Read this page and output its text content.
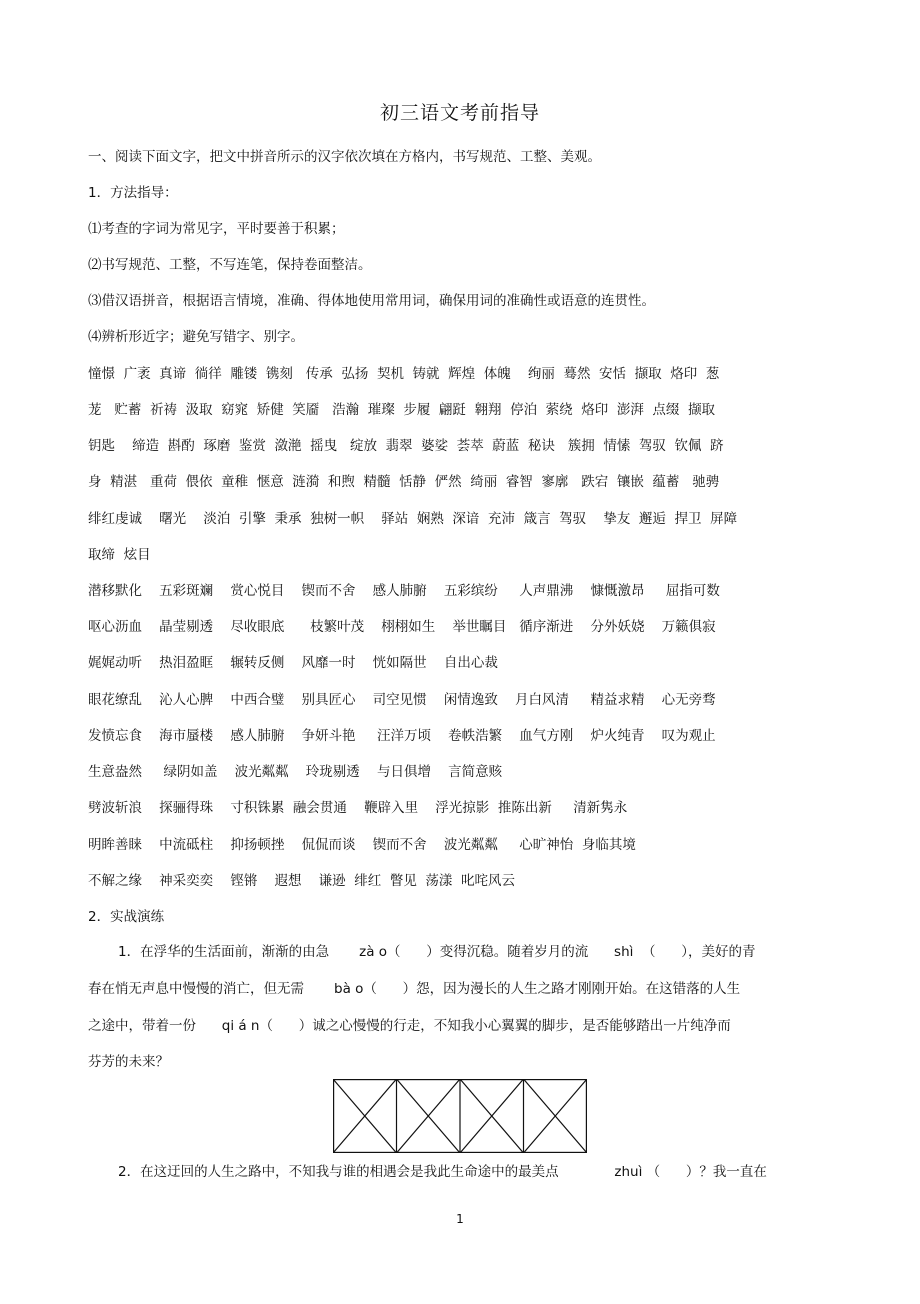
初三语文考前指导
一、阅读下面文字，把文中拼音所示的汉字依次填在方格内，书写规范、工整、美观。
1．方法指导：
⑴考查的字词为常见字，平时要善于积累；
⑵书写规范、工整，不写连笔，保持卷面整洁。
⑶借汉语拼音，根据语言情境，准确、得体地使用常用词，确保用词的准确性或语意的连贯性。
⑷辨析形近字；避免写错字、别字。
憧憬  广袤  真谛  徜徉  雕镂  镌刻   传承  弘扬  契机  铸就  辉煌  体魄    绚丽  蓦然  安恬  撷取  烙印  葱
茏   贮蓄  祈祷  汲取  窈窕  矫健  笑靥   浩瀚  璀璨  步履  翩跹  翱翔  停泊  萦绕  烙印  澎湃  点缀  撷取
钥匙    缔造  斟酌  琢磨  鉴赏  潋滟  摇曳   绽放  翡翠  婆娑  荟萃  蔚蓝  秘诀   簇拥  情愫  驾驭  钦佩  跻
身  精湛   重荷  偎依  童稚  惬意  涟漪  和煦  精髓  恬静  俨然  绮丽  睿智  寥廓   跌宕  镶嵌  蕴蓄   驰骋
绯红虔诚    曙光    淡泊  引擎  秉承  独树一帜    驿站  娴熟  深谙  充沛  箴言  驾驭    挚友  邂逅  捍卫  屏障
取缔  炫目
潜移默化    五彩斑斓    赏心悦目    锲而不舍    感人肺腑    五彩缤纷     人声鼎沸    慷慨激昂     屈指可数
呕心沥血    晶莹剔透    尽收眼底      枝繁叶茂    栩栩如生    举世瞩目   循序渐进    分外妖娆    万籁俱寂
娓娓动听    热泪盈眶    辗转反侧    风靡一时    恍如隔世    自出心裁
眼花缭乱    沁人心脾    中西合璧    别具匠心    司空见惯    闲情逸致    月白风清     精益求精    心无旁骛
发愤忘食    海市蜃楼    感人肺腑    争妍斗艳     汪洋万顷    卷帙浩繁    血气方刚    炉火纯青    叹为观止
生意盎然     绿阴如盖    波光粼粼    玲珑剔透    与日俱增    言简意赅
劈波斩浪    探骊得珠    寸积铢累  融会贯通    鞭辟入里    浮光掠影  推陈出新     清新隽永
明眸善睐    中流砥柱    抑扬顿挫    侃侃而谈    锲而不舍    波光粼粼     心旷神怡  身临其境
不解之缘    神采奕奕    铿锵    遐想    谦逊  绯红  瞥见  荡漾  叱咤风云
2．实战演练
1．在浮华的生活面前，渐渐的由急       zà o（      ）变得沉稳。随着岁月的流      shì  （      ），美好的青
春在悄无声息中慢慢的消亡，但无需       bà o（      ）怨，因为漫长的人生之路才刚刚开始。在这错落的人生
之途中，带着一份      qi á n（      ）诚之心慢慢的行走，不知我小心翼翼的脚步，是否能够踏出一片纯净而
芬芳的未来？
2．在这迂回的人生之路中，不知我与谁的相遇会是我此生命途中的最美点             zhuì （      ）？我一直在
1
